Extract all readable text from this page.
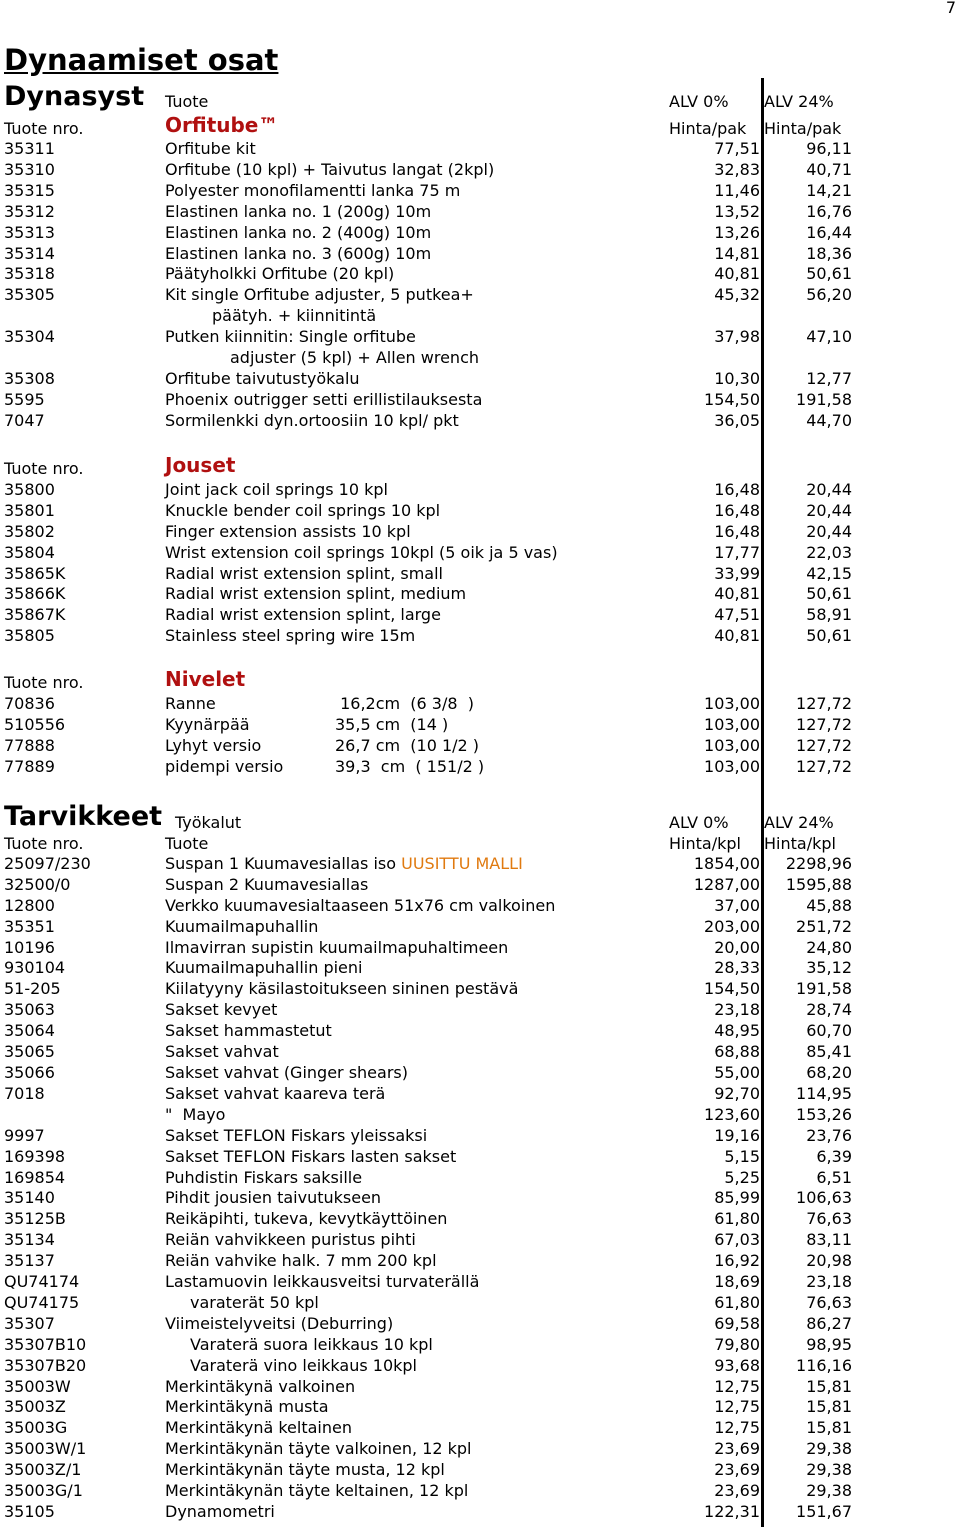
7
Dynaamiset osat
Dynasyst Tuote	ALV 0% ALV 24%
Tuote nro.	Orfitube™	Hinta/pak Hinta/pak
35311	Orfitube kit	77,51	96,11
35310	Orfitube (10 kpl) + Taivutus langat (2kpl)	32,83	40,71
35315	Polyester monofilamentti lanka 75 m	11,46	14,21
35312	Elastinen lanka no. 1 (200g) 10m	13,52	16,76
35313	Elastinen lanka no. 2 (400g) 10m	13,26	16,44
35314	Elastinen lanka no. 3 (600g) 10m	14,81	18,36
35318	Päätyholkki Orfitube (20 kpl)	40,81	50,61
35305	Kit single Orfitube adjuster, 5 putkea+	45,32	56,20
päätyh. + kiinnitintä
35304	Putken kiinnitin: Single orfitube	37,98	47,10
adjuster (5 kpl) + Allen wrench
35308	Orfitube taivutustyökalu	10,30	12,77
5595	Phoenix outrigger setti erillistilauksesta	154,50 191,58
7047	Sormilenkki dyn.ortoosiin 10 kpl/ pkt	36,05	44,70
Tuote nro.	Jouset
35800	Joint jack coil springs 10 kpl	16,48	20,44
35801	Knuckle bender coil springs 10 kpl	16,48	20,44
35802	Finger extension assists 10 kpl	16,48	20,44
35804	Wrist extension coil springs 10kpl (5 oik ja 5 vas)	17,77	22,03
35865K	Radial wrist extension splint, small	33,99	42,15
35866K	Radial wrist extension splint, medium	40,81	50,61
35867K	Radial wrist extension splint, large	47,51	58,91
35805	Stainless steel spring wire 15m	40,81	50,61
Tuote nro.	Nivelet
70836	Ranne	16,2cm  (6 3/8  )	103,00 127,72
510556	Kyynärpää	35,5 cm  (14 )	103,00 127,72
77888	Lyhyt versio	26,7 cm  (10 1/2 )	103,00 127,72
77889	pidempi versio	39,3  cm  ( 151/2 )	103,00 127,72
Tarvikkeet Työkalut	ALV 0% ALV 24%
Tuote nro.	Tuote	Hinta/kpl Hinta/kpl
25097/230	Suspan 1 Kuumavesiallas iso UUSITTU MALLI	1854,00 2298,96
32500/0	Suspan 2 Kuumavesiallas	1287,00 1595,88
12800	Verkko kuumavesialtaaseen 51x76 cm valkoinen	37,00	45,88
35351	Kuumailmapuhallin	203,00 251,72
10196	Ilmavirran supistin kuumailmapuhaltimeen	20,00	24,80
930104	Kuumailmapuhallin pieni	28,33	35,12
51-205	Kiilatyyny käsilastoitukseen sininen pestävä	154,50 191,58
35063	Sakset kevyet	23,18	28,74
35064	Sakset hammastetut	48,95	60,70
35065	Sakset vahvat	68,88	85,41
35066	Sakset vahvat (Ginger shears)	55,00	68,20
7018	Sakset vahvat kaareva terä	92,70 114,95
"  Mayo	123,60 153,26
9997	Sakset TEFLON Fiskars yleissaksi	19,16	23,76
169398	Sakset TEFLON Fiskars lasten sakset	5,15	6,39
169854	Puhdistin Fiskars saksille	5,25	6,51
35140	Pihdit jousien taivutukseen	85,99 106,63
35125B	Reikäpihti, tukeva, kevytkäyttöinen	61,80	76,63
35134	Reiän vahvikkeen puristus pihti	67,03	83,11
35137	Reiän vahvike halk. 7 mm 200 kpl	16,92	20,98
QU74174	Lastamuovin leikkausveitsi turvaterällä	18,69	23,18
QU74175	varaterät 50 kpl	61,80	76,63
35307	Viimeistelyveitsi (Deburring)	69,58	86,27
35307B10	Varaterä suora leikkaus 10 kpl	79,80	98,95
35307B20	Varaterä vino leikkaus 10kpl	93,68 116,16
35003W	Merkintäkynä valkoinen	12,75	15,81
35003Z	Merkintäkynä musta	12,75	15,81
35003G	Merkintäkynä keltainen	12,75	15,81
35003W/1	Merkintäkynän täyte valkoinen, 12 kpl	23,69	29,38
35003Z/1	Merkintäkynän täyte musta, 12 kpl	23,69	29,38
35003G/1	Merkintäkynän täyte keltainen, 12 kpl	23,69	29,38
35105	Dynamometri	122,31 151,67
